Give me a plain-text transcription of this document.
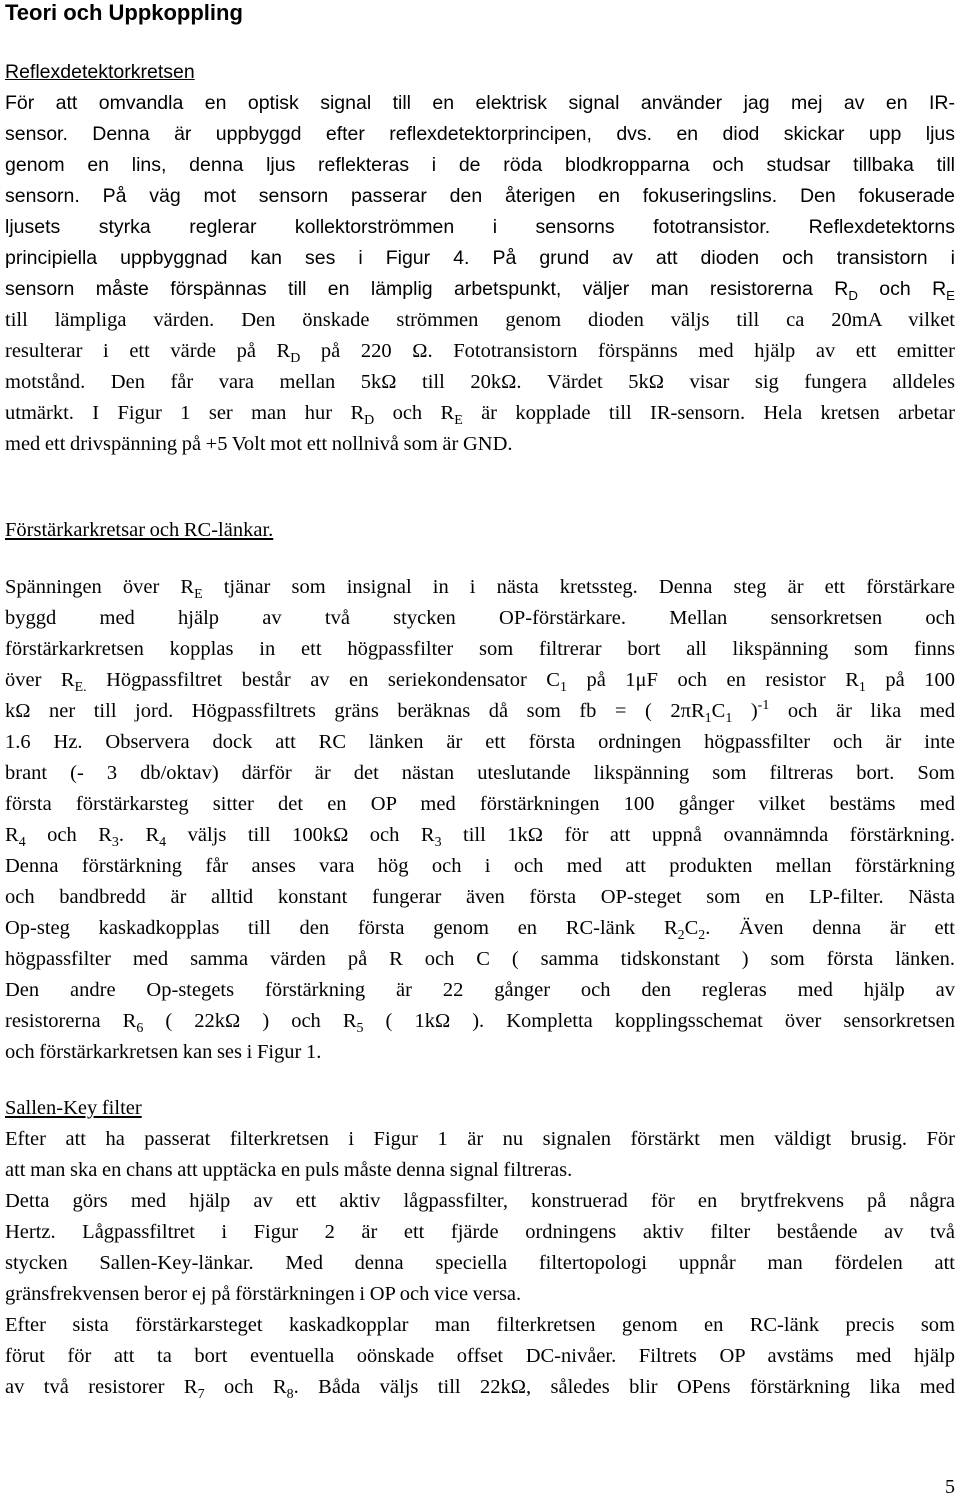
Teori och Uppkoppling
Reflexdetektorkretsen
För att omvandla en optisk signal till en elektrisk signal använder jag mej av en IR-
sensor. Denna är uppbyggd efter reflexdetektorprincipen, dvs. en diod skickar upp ljus
genom en lins, denna ljus reflekteras i de röda blodkropparna och studsar tillbaka till
sensorn. På väg mot sensorn passerar den återigen en fokuseringslins. Den fokuserade
ljusets styrka reglerar kollektorströmmen i sensorns fototransistor. Reflexdetektorns
principiella uppbyggnad kan ses i Figur 4. På grund av att dioden och transistorn i
sensorn måste förspännas till en lämplig arbetspunkt, väljer man resistorerna $R_D$ och $R_E$
till lämpliga värden. Den önskade strömmen genom dioden väljs till ca 20mA vilket
resulterar i ett värde på $R_D$ på 220 Ω. Fototransistorn förspänns med hjälp av ett emitter
motstånd. Den får vara mellan 5kΩ till 20kΩ. Värdet 5kΩ visar sig fungera alldeles
utmärkt. I Figur 1 ser man hur $R_D$ och $R_E$ är kopplade till IR-sensorn. Hela kretsen arbetar
med ett drivspänning på +5 Volt mot ett nollnivå som är GND.
Förstärkarkretsar och RC-länkar.
Spänningen över $R_E$ tjänar som insignal in i nästa kretssteg. Denna steg är ett förstärkare
byggd med hjälp av två stycken OP-förstärkare. Mellan sensorkretsen och
förstärkarkretsen kopplas in ett högpassfilter som filtrerar bort all likspänning som finns
över $R_{E.}$ Högpassfiltret består av en seriekondensator $C_1$ på 1μF och en resistor $R_1$ på 100
kΩ ner till jord. Högpassfiltrets gräns beräknas då som fb = ( $2\pi R_1C_1$ )$^{-1}$ och är lika med
1.6 Hz. Observera dock att RC länken är ett första ordningen högpassfilter och är inte
brant (- 3 db/oktav) därför är det nästan uteslutande likspänning som filtreras bort. Som
första förstärkarsteg sitter det en OP med förstärkningen 100 gånger vilket bestäms med
$R_4$ och $R_3$. $R_4$ väljs till 100kΩ och $R_3$ till 1kΩ för att uppnå ovannämnda förstärkning.
Denna förstärkning får anses vara hög och i och med att produkten mellan förstärkning
och bandbredd är alltid konstant fungerar även första OP-steget som en LP-filter. Nästa
Op-steg kaskadkopplas till den första genom en RC-länk $R_2C_2$. Även denna är ett
högpassfilter med samma värden på R och C ( samma tidskonstant ) som första länken.
Den andre Op-stegets förstärkning är 22 gånger och den regleras med hjälp av
resistorerna $R_6$ ( 22kΩ ) och $R_5$ ( 1kΩ ). Kompletta kopplingsschemat över sensorkretsen
och förstärkarkretsen kan ses i Figur 1.
Sallen-Key filter
Efter att ha passerat filterkretsen i Figur 1 är nu signalen förstärkt men väldigt brusig. För
att man ska en chans att upptäcka en puls måste denna signal filtreras.
Detta görs med hjälp av ett aktiv lågpassfilter, konstruerad för en brytfrekvens på några
Hertz. Lågpassfiltret i Figur 2 är ett fjärde ordningens aktiv filter bestående av två
stycken Sallen-Key-länkar. Med denna speciella filtertopologi uppnår man fördelen att
gränsfrekvensen beror ej på förstärkningen i OP och vice versa.
Efter sista förstärkarsteget kaskadkopplar man filterkretsen genom en RC-länk precis som
förut för att ta bort eventuella oönskade offset DC-nivåer. Filtrets OP avstäms med hjälp
av två resistorer $R_7$ och $R_8$. Båda väljs till 22kΩ, således blir OPens förstärkning lika med
5
